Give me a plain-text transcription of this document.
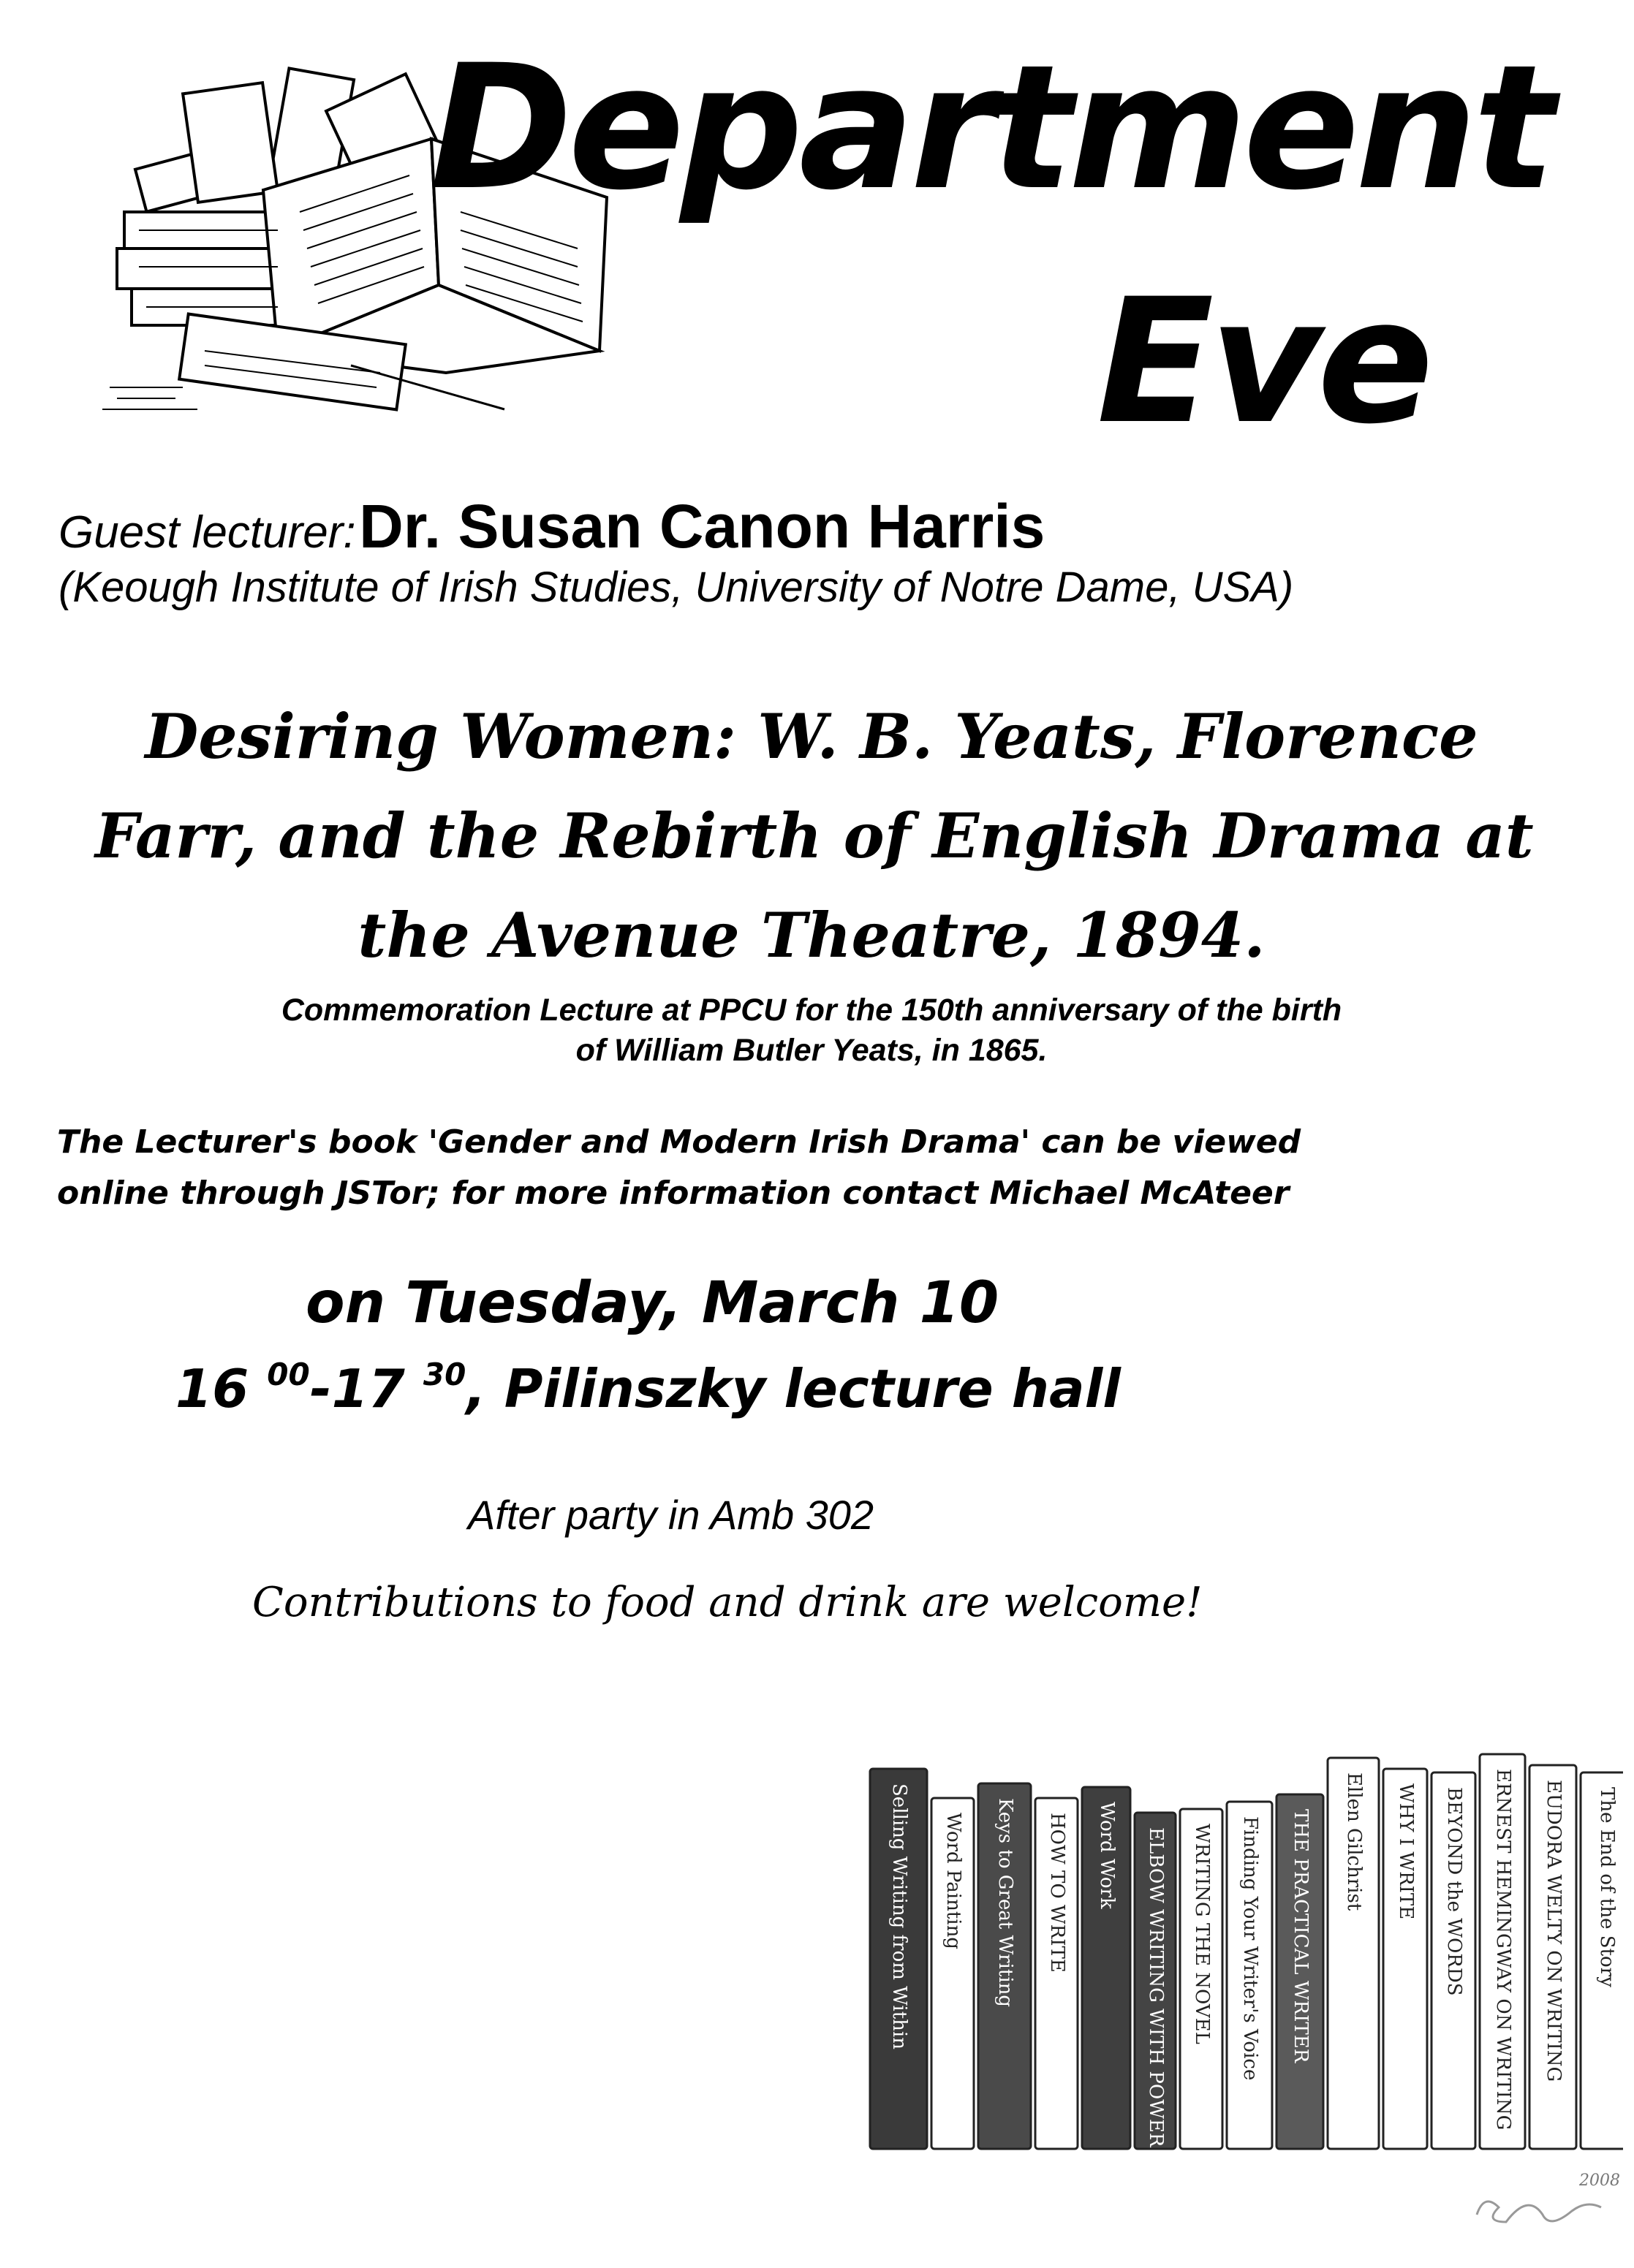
Department
Eve
Guest lecturer: Dr. Susan Canon Harris
(Keough Institute of Irish Studies, University of Notre Dame, USA)
Desiring Women: W. B. Yeats, Florence
Farr, and the Rebirth of English Drama at
the Avenue Theatre, 1894.
Commemoration Lecture at PPCU for the 150th anniversary of the birth
of William Butler Yeats, in 1865.
The Lecturer's book 'Gender and Modern Irish Drama' can be viewed
online through JSTor; for more information contact Michael McAteer
on Tuesday, March 10
16 $^{00}$-17 $^{30}$, Pilinszky lecture hall
After party in Amb 302
Contributions to food and drink are welcome!
Selling Writing from Within Word Painting Keys to Great Writing HOW TO WRITE Word Work ELBOW WRITING WITH POWER WRITING THE NOVEL Finding Your Writer's Voice THE PRACTICAL WRITER Ellen Gilchrist WHY I WRITE BEYOND the WORDS ERNEST HEMINGWAY ON WRITING EUDORA WELTY ON WRITING The End of the Story
2008
